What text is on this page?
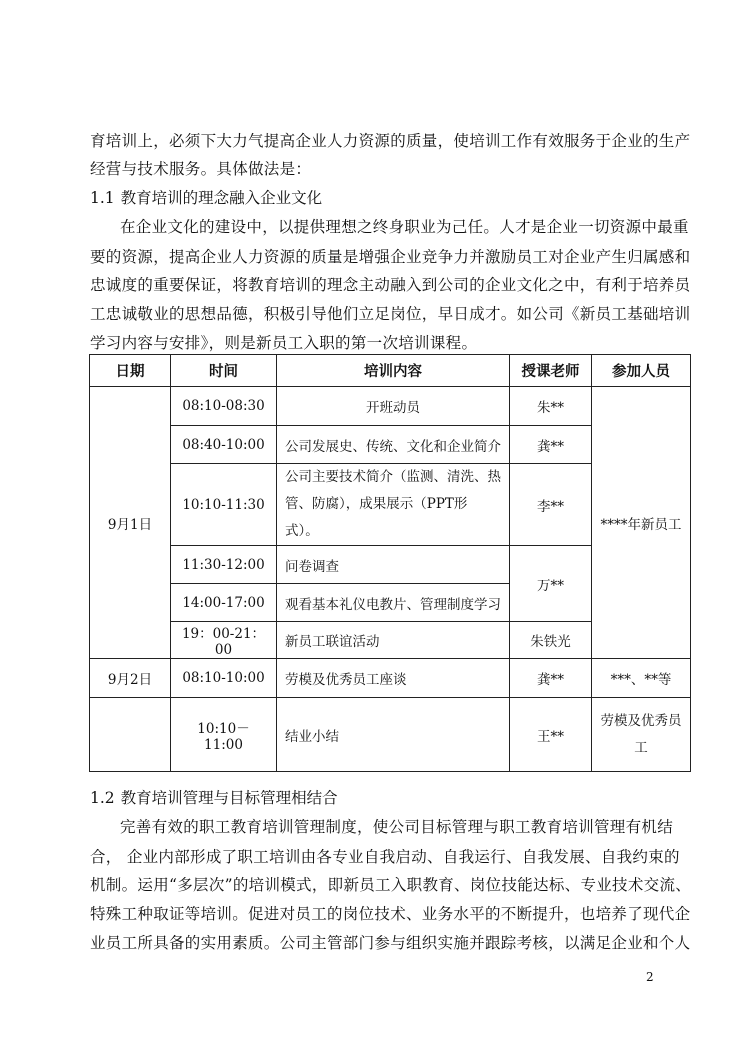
育培训上，必须下大力气提高企业人力资源的质量，使培训工作有效服务于企业的生产
经营与技术服务。具体做法是：
1.1 教育培训的理念融入企业文化
在企业文化的建设中，以提供理想之终身职业为己任。人才是企业一切资源中最重
要的资源，提高企业人力资源的质量是增强企业竞争力并激励员工对企业产生归属感和
忠诚度的重要保证，将教育培训的理念主动融入到公司的企业文化之中，有利于培养员
工忠诚敬业的思想品德，积极引导他们立足岗位，早日成才。如公司《新员工基础培训
学习内容与安排》，则是新员工入职的第一次培训课程。
日期	时间	培训内容	授课老师	参加人员
9月1日	08:10-08:30	开班动员	朱**	****年新员工
	08:40-10:00	公司发展史、传统、文化和企业简介	龚**	
	10:10-11:30	公司主要技术简介（监测、清洗、热管、防腐），成果展示（PPT形式）。	李**	
	11:30-12:00	问卷调查	万**	
	14:00-17:00	观看基本礼仪电教片、管理制度学习		
	19：00-21：00	新员工联谊活动	朱铁光	
9月2日	08:10-10:00	劳模及优秀员工座谈	龚**	***、**等
	10:10－11:00	结业小结	王**	劳模及优秀员工
1.2 教育培训管理与目标管理相结合
完善有效的职工教育培训管理制度，使公司目标管理与职工教育培训管理有机结
合， 企业内部形成了职工培训由各专业自我启动、自我运行、自我发展、自我约束的
机制。运用“多层次”的培训模式，即新员工入职教育、岗位技能达标、专业技术交流、
特殊工种取证等培训。促进对员工的岗位技术、业务水平的不断提升，也培养了现代企
业员工所具备的实用素质。公司主管部门参与组织实施并跟踪考核，以满足企业和个人
2
